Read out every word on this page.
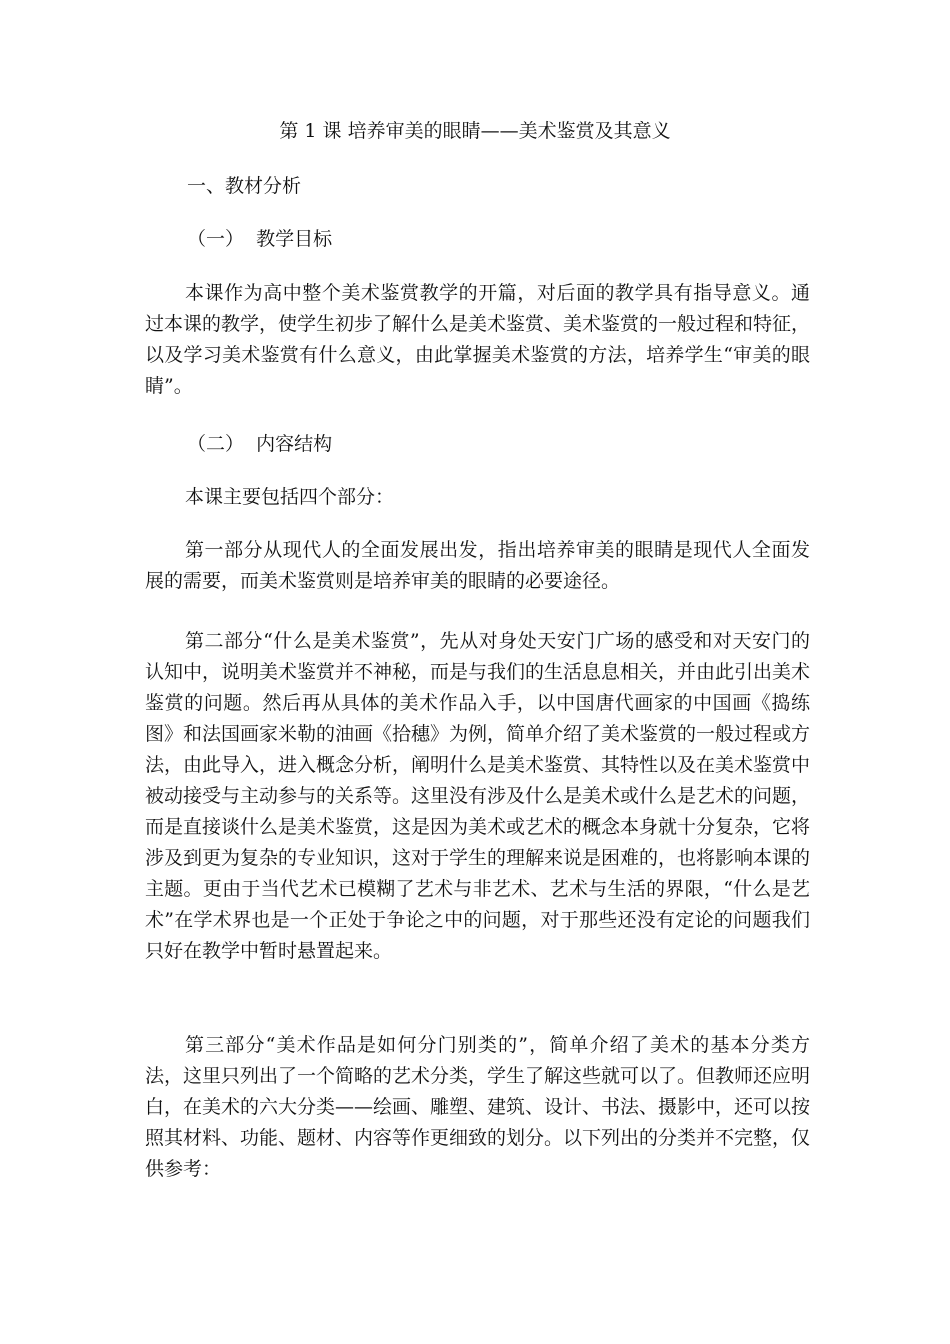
第 1 课 培养审美的眼睛——美术鉴赏及其意义
一、教材分析
（一）  教学目标
本课作为高中整个美术鉴赏教学的开篇，对后面的教学具有指导意义。通过本课的教学，使学生初步了解什么是美术鉴赏、美术鉴赏的一般过程和特征，以及学习美术鉴赏有什么意义，由此掌握美术鉴赏的方法，培养学生“审美的眼睛”。
（二）  内容结构
本课主要包括四个部分：
第一部分从现代人的全面发展出发，指出培养审美的眼睛是现代人全面发展的需要，而美术鉴赏则是培养审美的眼睛的必要途径。
第二部分“什么是美术鉴赏”，先从对身处天安门广场的感受和对天安门的认知中，说明美术鉴赏并不神秘，而是与我们的生活息息相关，并由此引出美术鉴赏的问题。然后再从具体的美术作品入手，以中国唐代画家的中国画《捣练图》和法国画家米勒的油画《拾穗》为例，简单介绍了美术鉴赏的一般过程或方法，由此导入，进入概念分析，阐明什么是美术鉴赏、其特性以及在美术鉴赏中被动接受与主动参与的关系等。这里没有涉及什么是美术或什么是艺术的问题，而是直接谈什么是美术鉴赏，这是因为美术或艺术的概念本身就十分复杂，它将涉及到更为复杂的专业知识，这对于学生的理解来说是困难的，也将影响本课的主题。更由于当代艺术已模糊了艺术与非艺术、艺术与生活的界限，“什么是艺术”在学术界也是一个正处于争论之中的问题，对于那些还没有定论的问题我们只好在教学中暂时悬置起来。
第三部分“美术作品是如何分门别类的”，简单介绍了美术的基本分类方法，这里只列出了一个简略的艺术分类，学生了解这些就可以了。但教师还应明白，在美术的六大分类——绘画、雕塑、建筑、设计、书法、摄影中，还可以按照其材料、功能、题材、内容等作更细致的划分。以下列出的分类并不完整，仅供参考：
